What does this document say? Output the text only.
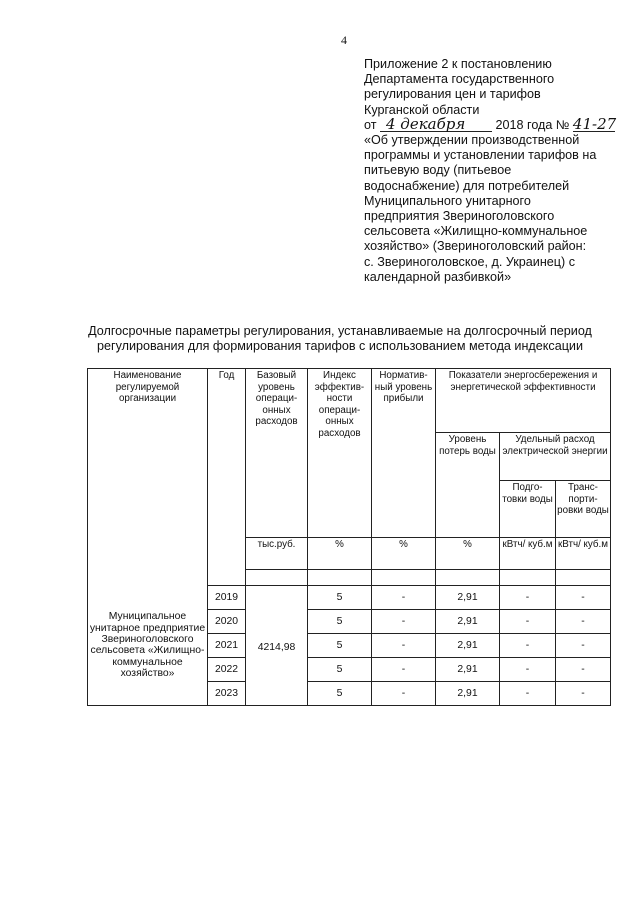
4
Приложение 2 к постановлению
Департамента государственного
регулирования цен и тарифов
Курганской области
от 4 декабря 2018 года № 41-27
«Об утверждении производственной
программы и установлении тарифов на
питьевую воду (питьевое
водоснабжение) для потребителей
Муниципального унитарного
предприятия Звериноголовского
сельсовета «Жилищно-коммунальное
хозяйство» (Звериноголовский район:
с. Звериноголовское, д. Украинец) с
календарной разбивкой»
Долгосрочные параметры регулирования, устанавливаемые на долгосрочный период
регулирования для формирования тарифов с использованием метода индексации
Наименование регулируемой организации	Год	Базовый уровень операци-онных расходов	Индекс эффектив-ности операци-онных расходов	Норматив-ный уровень прибыли	Показатели энергосбережения и энергетической эффективности		
					Уровень потерь воды	Удельный расход электрической энергии	
						Подго-товки воды	Транс-порти-ровки воды
		тыс.руб.	%	%	%	кВтч/ куб.м	кВтч/ куб.м

Муниципальное унитарное предприятие Звериноголовского сельсовета «Жилищно-коммунальное хозяйство»	2019	4214,98	5	-	2,91	-	-
	2020		5	-	2,91	-	-
	2021		5	-	2,91	-	-
	2022		5	-	2,91	-	-
	2023		5	-	2,91	-	-
